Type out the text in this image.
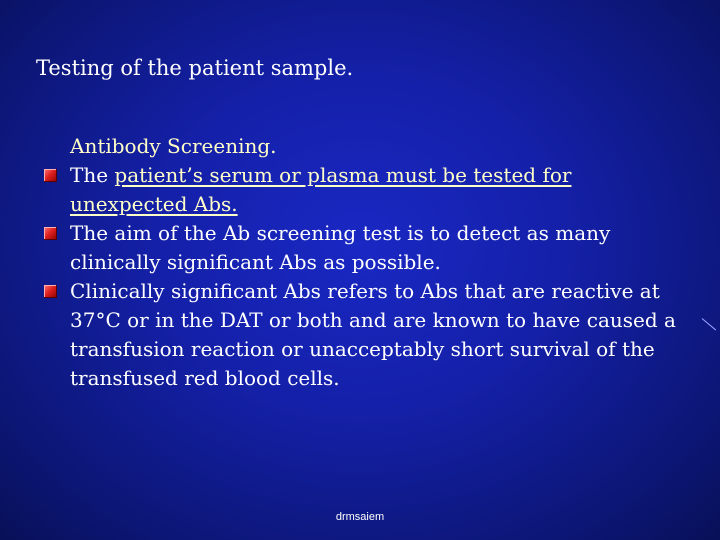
Testing of the patient sample.

Antibody Screening.

The patient’s serum or plasma must be tested for unexpected Abs.
The aim of the Ab screening test is to detect as many clinically significant Abs as possible.
Clinically significant Abs refers to Abs that are reactive at 37°C or in the DAT or both and are known to have caused a transfusion reaction or unacceptably short survival of the transfused red blood cells.
drmsaiem
